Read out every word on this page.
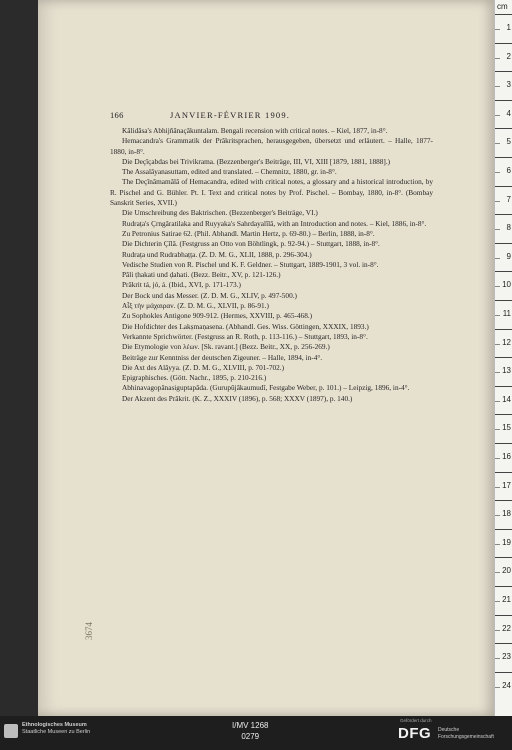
166	JANVIER-FÉVRIER 1909.

Kâlidâsa's Abhijñânaçâkuntalam. Bengali recension with critical notes. – Kiel, 1877, in-8°.

Hemacandra's Grammatik der Prâkritsprachen, herausgegeben, übersetzt und erläutert. – Halle, 1877-1880, in-8°.

Die Deçîçabdas bei Trivikrama. (Bezzenberger's Beiträge, III, VI, XIII [1879, 1881, 1888].)

The Assalâyanasuttam, edited and translated. – Chemnitz, 1880, gr. in-8°.

The Deçînâmamâlâ of Hemacandra, edited with critical notes, a glossary and a historical introduction, by R. Pischel and G. Bühler. Pt. I. Text and critical notes by Prof. Pischel. – Bombay, 1880, in-8°. (Bombay Sanskrit Series, XVII.)

Die Umschreibung des Baktrischen. (Bezzenberger's Beiträge, VI.)

Rudrața's Çrngâratilaka and Ruyyaka's Sahrdayalîlâ, with an Introduction and notes. – Kiel, 1886, in-8°.

Zu Petronius Satirae 62. (Phil. Abhandl. Martin Hertz, p. 69-80.) – Berlin, 1888, in-8°.

Die Dichterin Çîlâ. (Festgruss an Otto von Böhtlingk, p. 92-94.) – Stuttgart, 1888, in-8°.

Rudrața und Rudrabhațța. (Z. D. M. G., XLII, 1888, p. 296-304.)

Vedische Studien von R. Pischel und K. F. Geldner. – Stuttgart, 1889-1901, 3 vol. in-8°.

Pâli ṭhakati und ḍahati. (Bezz. Beitr., XV, p. 121-126.)

Prâkrit tá, jó, á. (Ibid., XVI, p. 171-173.)

Der Bock und das Messer. (Z. D. M. G., XLIV, p. 497-500.)

Αἶξ τὴν μάχαιραν. (Z. D. M. G., XLVII, p. 86-91.)

Zu Sophokles Antigone 909-912. (Hermes, XXVIII, p. 465-468.)

Die Hofdichter des Lakṣmaṇasena. (Abhandl. Ges. Wiss. Göttingen, XXXIX, 1893.)

Verkannte Sprichwörter. (Festgruss an R. Roth, p. 113-116.) – Stuttgart, 1893, in-8°.

Die Etymologie von λέων. [Sk. ravant.] (Bezz. Beitr., XX, p. 256-269.)

Beiträge zur Kenntniss der deutschen Zigeuner. – Halle, 1894, in-4°.

Die Axt des Alâyya. (Z. D. M. G., XLVIII, p. 701-702.)

Epigraphisches. (Gött. Nachr., 1895, p. 210-216.)

Abhinavagopânasiguptapâda. (Gurupûjâkaumudî, Festgabe Weber, p. 101.) – Leipzig, 1896, in-4°.

Der Akzent des Prâkrit. (K. Z., XXXIV (1896), p. 568; XXXV (1897), p. 140.)

3674
cm
1
2
3
4
5
6
7
8
9
10
11
12
13
14
15
16
17
18
19
20
21
22
23
24
Ethnologisches Museum
Staatliche Museen zu Berlin
I/MV 1268
0279
Gefördert durch
DFG Deutsche
Forschungsgemeinschaft
